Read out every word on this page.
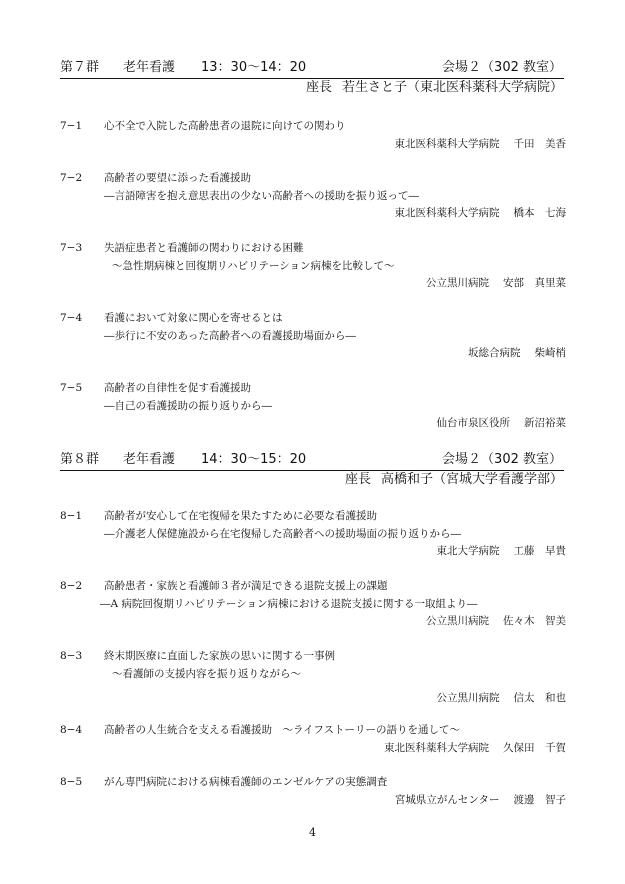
第７群 老年看護 13：30～14：20	会場２（302 教室）
座長 若生さと子（東北医科薬科大学病院）
7−1 心不全で入院した高齢患者の退院に向けての関わり
東北医科薬科大学病院 千田　美香
7−2 高齢者の要望に添った看護援助
―言語障害を抱え意思表出の少ない高齢者への援助を振り返って―
東北医科薬科大学病院 橋本　七海
7−3 失語症患者と看護師の関わりにおける困難
～急性期病棟と回復期リハビリテーション病棟を比較して～
公立黒川病院 安部　真里菜
7−4 看護において対象に関心を寄せるとは
―歩行に不安のあった高齢者への看護援助場面から―
坂総合病院 柴崎梢
7−5 高齢者の自律性を促す看護援助
―自己の看護援助の振り返りから―
仙台市泉区役所 新沼裕菜
第８群 老年看護 14：30～15：20	会場２（302 教室）
座長 高橋和子（宮城大学看護学部）
8−1 高齢者が安心して在宅復帰を果たすために必要な看護援助
―介護老人保健施設から在宅復帰した高齢者への援助場面の振り返りから―
東北大学病院 工藤　早貴
8−2 高齢患者・家族と看護師３者が満足できる退院支援上の課題
―A 病院回復期リハビリテーション病棟における退院支援に関する一取組より―
公立黒川病院 佐々木　智美
8−3 終末期医療に直面した家族の思いに関する一事例
～看護師の支援内容を振り返りながら～
公立黒川病院 信太　和也
8−4 高齢者の人生統合を支える看護援助　～ライフストーリーの語りを通して～
東北医科薬科大学病院 久保田　千賀
8−5 がん専門病院における病棟看護師のエンゼルケアの実態調査
宮城県立がんセンター 渡邊　智子
4
